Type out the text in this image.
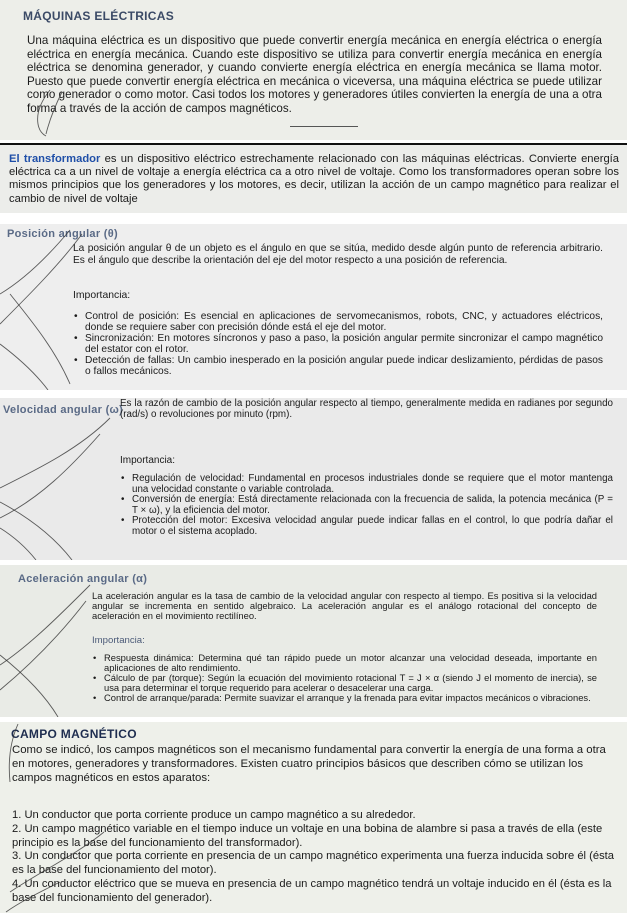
MÁQUINAS ELÉCTRICAS

Una máquina eléctrica es un dispositivo que puede convertir energía mecánica en energía eléctrica o energía eléctrica en energía mecánica. Cuando este dispositivo se utiliza para convertir energía mecánica en energía eléctrica se denomina generador, y cuando convierte energía eléctrica en energía mecánica se llama motor. Puesto que puede convertir energía eléctrica en mecánica o viceversa, una máquina eléctrica se puede utilizar como generador o como motor. Casi todos los motores y generadores útiles convierten la energía de una a otra forma a través de la acción de campos magnéticos.

El transformador es un dispositivo eléctrico estrechamente relacionado con las máquinas eléctricas. Convierte energía eléctrica ca a un nivel de voltaje a energía eléctrica ca a otro nivel de voltaje. Como los transformadores operan sobre los mismos principios que los generadores y los motores, es decir, utilizan la acción de un campo magnético para realizar el cambio de nivel de voltaje

Posición angular (θ)

La posición angular θ de un objeto es el ángulo en que se sitúa, medido desde algún punto de referencia arbitrario. Es el ángulo que describe la orientación del eje del motor respecto a una posición de referencia.

Importancia:
• Control de posición: Es esencial en aplicaciones de servomecanismos, robots, CNC, y actuadores eléctricos, donde se requiere saber con precisión dónde está el eje del motor.
• Sincronización: En motores síncronos y paso a paso, la posición angular permite sincronizar el campo magnético del estator con el rotor.
• Detección de fallas: Un cambio inesperado en la posición angular puede indicar deslizamiento, pérdidas de pasos o fallos mecánicos.
Velocidad angular (ω)

Es la razón de cambio de la posición angular respecto al tiempo, generalmente medida en radianes por segundo (rad/s) o revoluciones por minuto (rpm).

Importancia:
• Regulación de velocidad: Fundamental en procesos industriales donde se requiere que el motor mantenga una velocidad constante o variable controlada.
• Conversión de energía: Está directamente relacionada con la frecuencia de salida, la potencia mecánica (P = T × ω), y la eficiencia del motor.
• Protección del motor: Excesiva velocidad angular puede indicar fallas en el control, lo que podría dañar el motor o el sistema acoplado.
Aceleración angular (α)

La aceleración angular es la tasa de cambio de la velocidad angular con respecto al tiempo. Es positiva si la velocidad angular se incrementa en sentido algebraico. La aceleración angular es el análogo rotacional del concepto de aceleración en el movimiento rectilíneo.

Importancia:
• Respuesta dinámica: Determina qué tan rápido puede un motor alcanzar una velocidad deseada, importante en aplicaciones de alto rendimiento.
• Cálculo de par (torque): Según la ecuación del movimiento rotacional T = J × α (siendo J el momento de inercia), se usa para determinar el torque requerido para acelerar o desacelerar una carga.
• Control de arranque/parada: Permite suavizar el arranque y la frenada para evitar impactos mecánicos o vibraciones.
CAMPO MAGNÉTICO

Como se indicó, los campos magnéticos son el mecanismo fundamental para convertir la energía de una forma a otra en motores, generadores y transformadores. Existen cuatro principios básicos que describen cómo se utilizan los campos magnéticos en estos aparatos:

1. Un conductor que porta corriente produce un campo magnético a su alrededor.
2. Un campo magnético variable en el tiempo induce un voltaje en una bobina de alambre si pasa a través de ella (este principio es la base del funcionamiento del transformador).
3. Un conductor que porta corriente en presencia de un campo magnético experimenta una fuerza inducida sobre él (ésta es la base del funcionamiento del motor).
4. Un conductor eléctrico que se mueva en presencia de un campo magnético tendrá un voltaje inducido en él (ésta es la base del funcionamiento del generador).
